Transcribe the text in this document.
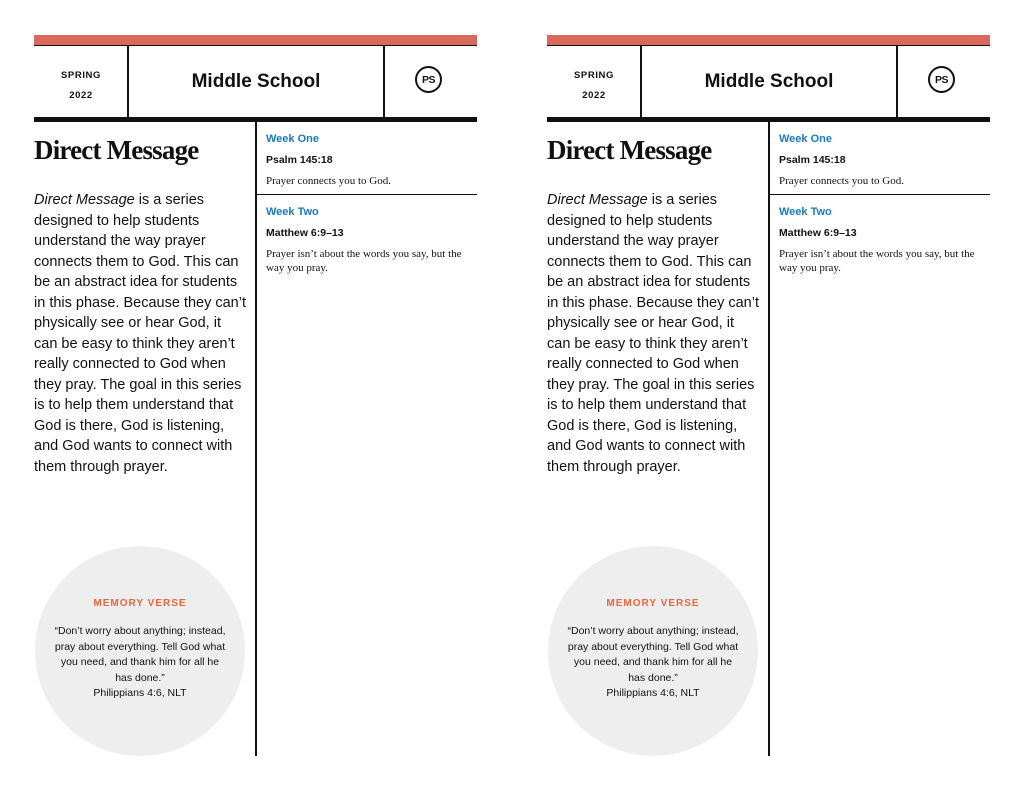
SPRING
2022
Middle School	PS
Direct Message

Direct Message is a series designed to help students understand the way prayer connects them to God. This can be an abstract idea for students in this phase. Because they can’t physically see or hear God, it can be easy to think they aren’t really connected to God when they pray. The goal in this series is to help them understand that God is there, God is listening, and God wants to connect with them through prayer.

MEMORY VERSE

“Don’t worry about anything; instead, pray about everything. Tell God what you need, and thank him for all he has done.”
Philippians 4:6, NLT

Week One
Psalm 145:18
Prayer connects you to God.
Week Two
Matthew 6:9–13
Prayer isn’t about the words you say, but the way you pray.
SPRING
2022
Middle School	PS
Direct Message

Direct Message is a series designed to help students understand the way prayer connects them to God. This can be an abstract idea for students in this phase. Because they can’t physically see or hear God, it can be easy to think they aren’t really connected to God when they pray. The goal in this series is to help them understand that God is there, God is listening, and God wants to connect with them through prayer.

MEMORY VERSE

“Don’t worry about anything; instead, pray about everything. Tell God what you need, and thank him for all he has done.”
Philippians 4:6, NLT

Week One
Psalm 145:18
Prayer connects you to God.
Week Two
Matthew 6:9–13
Prayer isn’t about the words you say, but the way you pray.
